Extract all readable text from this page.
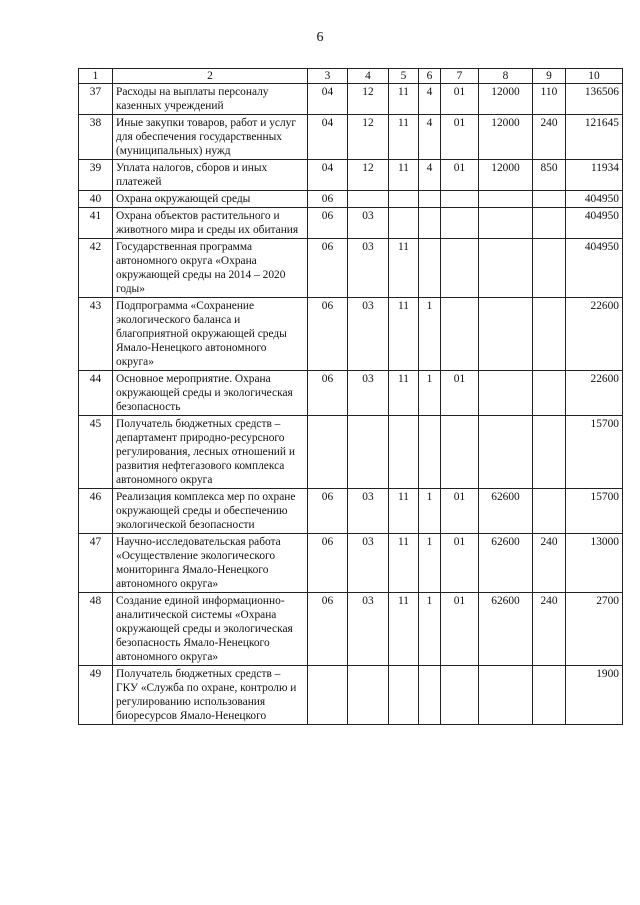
6
1	2	3	4	5	6	7	8	9	10
37	Расходы на выплаты персоналу казенных учреждений	04	12	11	4	01	12000	110	136506
38	Иные закупки товаров, работ и услуг для обеспечения государственных (муниципальных) нужд	04	12	11	4	01	12000	240	121645
39	Уплата налогов, сборов и иных платежей	04	12	11	4	01	12000	850	11934
40	Охрана окружающей среды	06							404950
41	Охрана объектов растительного и животного мира и среды их обитания	06	03						404950
42	Государственная программа автономного округа «Охрана окружающей среды на 2014 – 2020 годы»	06	03	11					404950
43	Подпрограмма «Сохранение экологического баланса и благоприятной окружающей среды Ямало-Ненецкого автономного округа»	06	03	11	1				22600
44	Основное мероприятие. Охрана окружающей среды и экологическая безопасность	06	03	11	1	01			22600
45	Получатель бюджетных средств – департамент природно-ресурсного регулирования, лесных отношений и развития нефтегазового комплекса автономного округа								15700
46	Реализация комплекса мер по охране окружающей среды и обеспечению экологической безопасности	06	03	11	1	01	62600		15700
47	Научно-исследовательская работа «Осуществление экологического мониторинга Ямало-Ненецкого автономного округа»	06	03	11	1	01	62600	240	13000
48	Создание единой информационно-аналитической системы «Охрана окружающей среды и экологическая безопасность Ямало-Ненецкого автономного округа»	06	03	11	1	01	62600	240	2700
49	Получатель бюджетных средств – ГКУ «Служба по охране, контролю и регулированию использования биоресурсов Ямало-Ненецкого								1900
